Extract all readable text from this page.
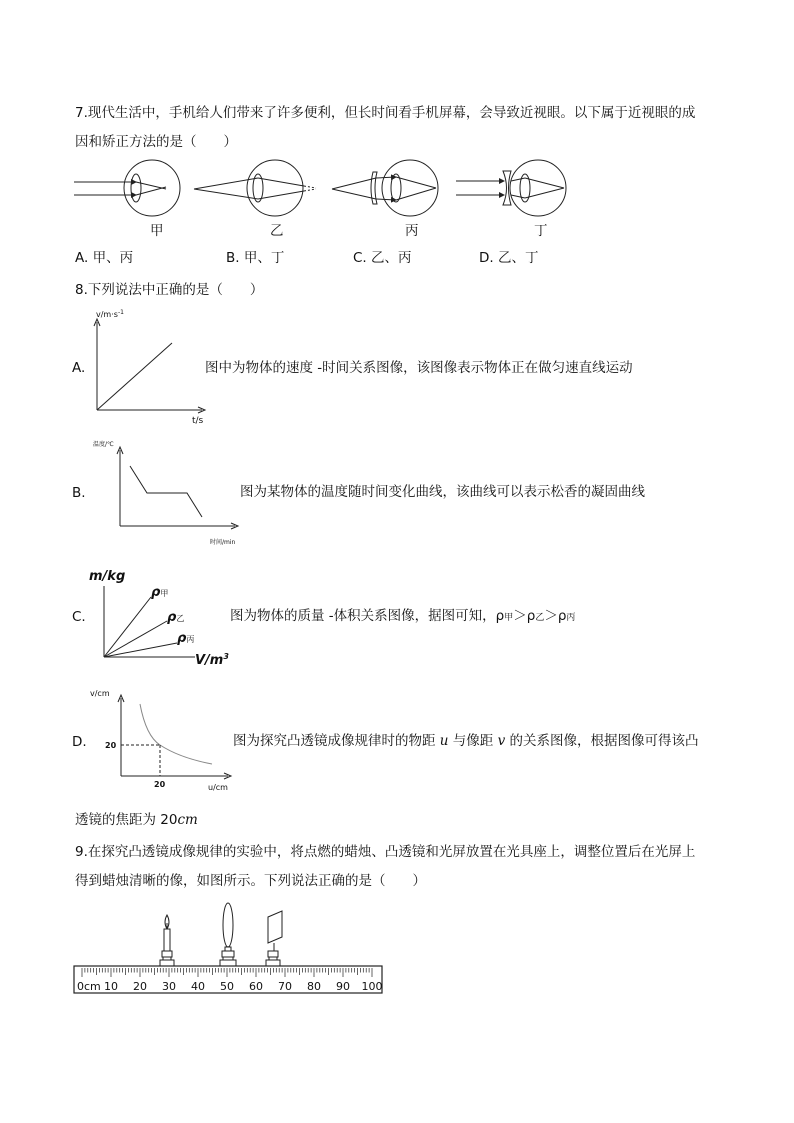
7.现代生活中，手机给人们带来了许多便利，但长时间看手机屏幕，会导致近视眼。以下属于近视眼的成
因和矫正方法的是（　　）
甲	乙	丙	丁
A. 甲、丙	B. 甲、丁	C. 乙、丙	D. 乙、丁
8.下列说法中正确的是（　　）
A.
$v/m\cdot s^{-1}$
t/s
图中为物体的速度 -时间关系图像，该图像表示物体正在做匀速直线运动
B.
温度/℃
时间/min
图为某物体的温度随时间变化曲线，该曲线可以表示松香的凝固曲线
C.
m/kg
$V/m^3$
ρ甲
ρ乙
ρ丙
图为物体的质量 -体积关系图像，据图可知，ρ甲＞ρ乙＞ρ丙
D.
v/cm
u/cm
20
20
图为探究凸透镜成像规律时的物距 u 与像距 v 的关系图像，根据图像可得该凸
透镜的焦距为 20cm
9.在探究凸透镜成像规律的实验中，将点燃的蜡烛、凸透镜和光屏放置在光具座上，调整位置后在光屏上
得到蜡烛清晰的像，如图所示。下列说法正确的是（　　）
0cm 10 20 30 40 50 60 70 80 90 100
